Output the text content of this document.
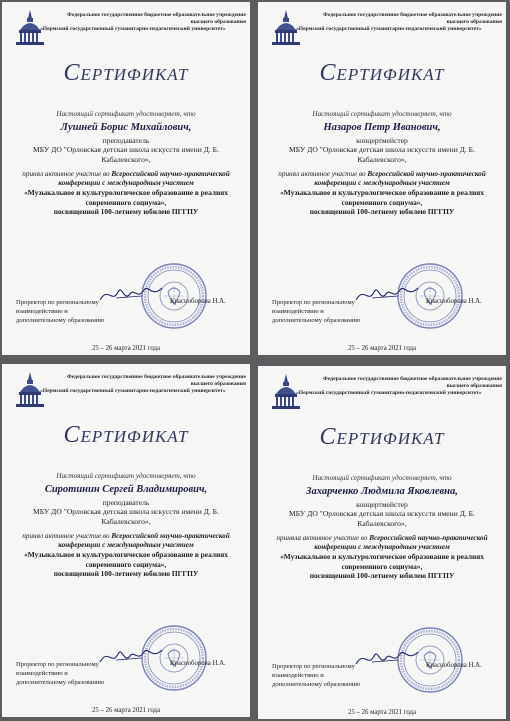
Федеральное государственное бюджетное образовательное учреждение
высшего образования
«Пермский государственный гуманитарно-педагогический университет»
Сертификат
Настоящий сертификат удостоверяет, что
Лушней Борис Михайлович,
преподаватель
МБУ ДО "Орловская детская школа искусств имени Д. Б. Кабалевского»,
принял активное участие во Всероссийской научно-практической конференции с международным участием
«Музыкальное и культурологическое образование в реалиях современного социума»,
посвященной 100-летнему юбилею ПГГПУ
Проректор по региональному
взаимодействию и
дополнительному образованию
Красноборова Н.А.
25 – 26 марта 2021 года
Федеральное государственное бюджетное образовательное учреждение
высшего образования
«Пермский государственный гуманитарно-педагогический университет»
Сертификат
Настоящий сертификат удостоверяет, что
Назаров Петр Иванович,
концертмейстер
МБУ ДО "Орловская детская школа искусств имени Д. Б. Кабалевского»,
принял активное участие во Всероссийской научно-практической конференции с международным участием
«Музыкальное и культурологическое образование в реалиях современного социума»,
посвященной 100-летнему юбилею ПГГПУ
Проректор по региональному
взаимодействию и
дополнительному образованию
Красноборова Н.А.
25 – 26 марта 2021 года
Федеральное государственное бюджетное образовательное учреждение
высшего образования
«Пермский государственный гуманитарно-педагогический университет»
Сертификат
Настоящий сертификат удостоверяет, что
Сиротинин Сергей Владимирович,
преподаватель
МБУ ДО "Орловская детская школа искусств имени Д. Б. Кабалевского»,
принял активное участие во Всероссийской научно-практической конференции с международным участием
«Музыкальное и культурологическое образование в реалиях современного социума»,
посвященной 100-летнему юбилею ПГГПУ
Проректор по региональному
взаимодействию и
дополнительному образованию
Красноборова Н.А.
25 – 26 марта 2021 года
Федеральное государственное бюджетное образовательное учреждение
высшего образования
«Пермский государственный гуманитарно-педагогический университет»
Сертификат
Настоящий сертификат удостоверяет, что
Захарченко Людмила Яковлевна,
концертмейстер
МБУ ДО "Орловская детская школа искусств имени Д. Б. Кабалевского»,
приняла активное участие во Всероссийской научно-практической конференции с международным участием
«Музыкальное и культурологическое образование в реалиях современного социума»,
посвященной 100-летнему юбилею ПГГПУ
Проректор по региональному
взаимодействию и
дополнительному образованию
Красноборова Н.А.
25 – 26 марта 2021 года
